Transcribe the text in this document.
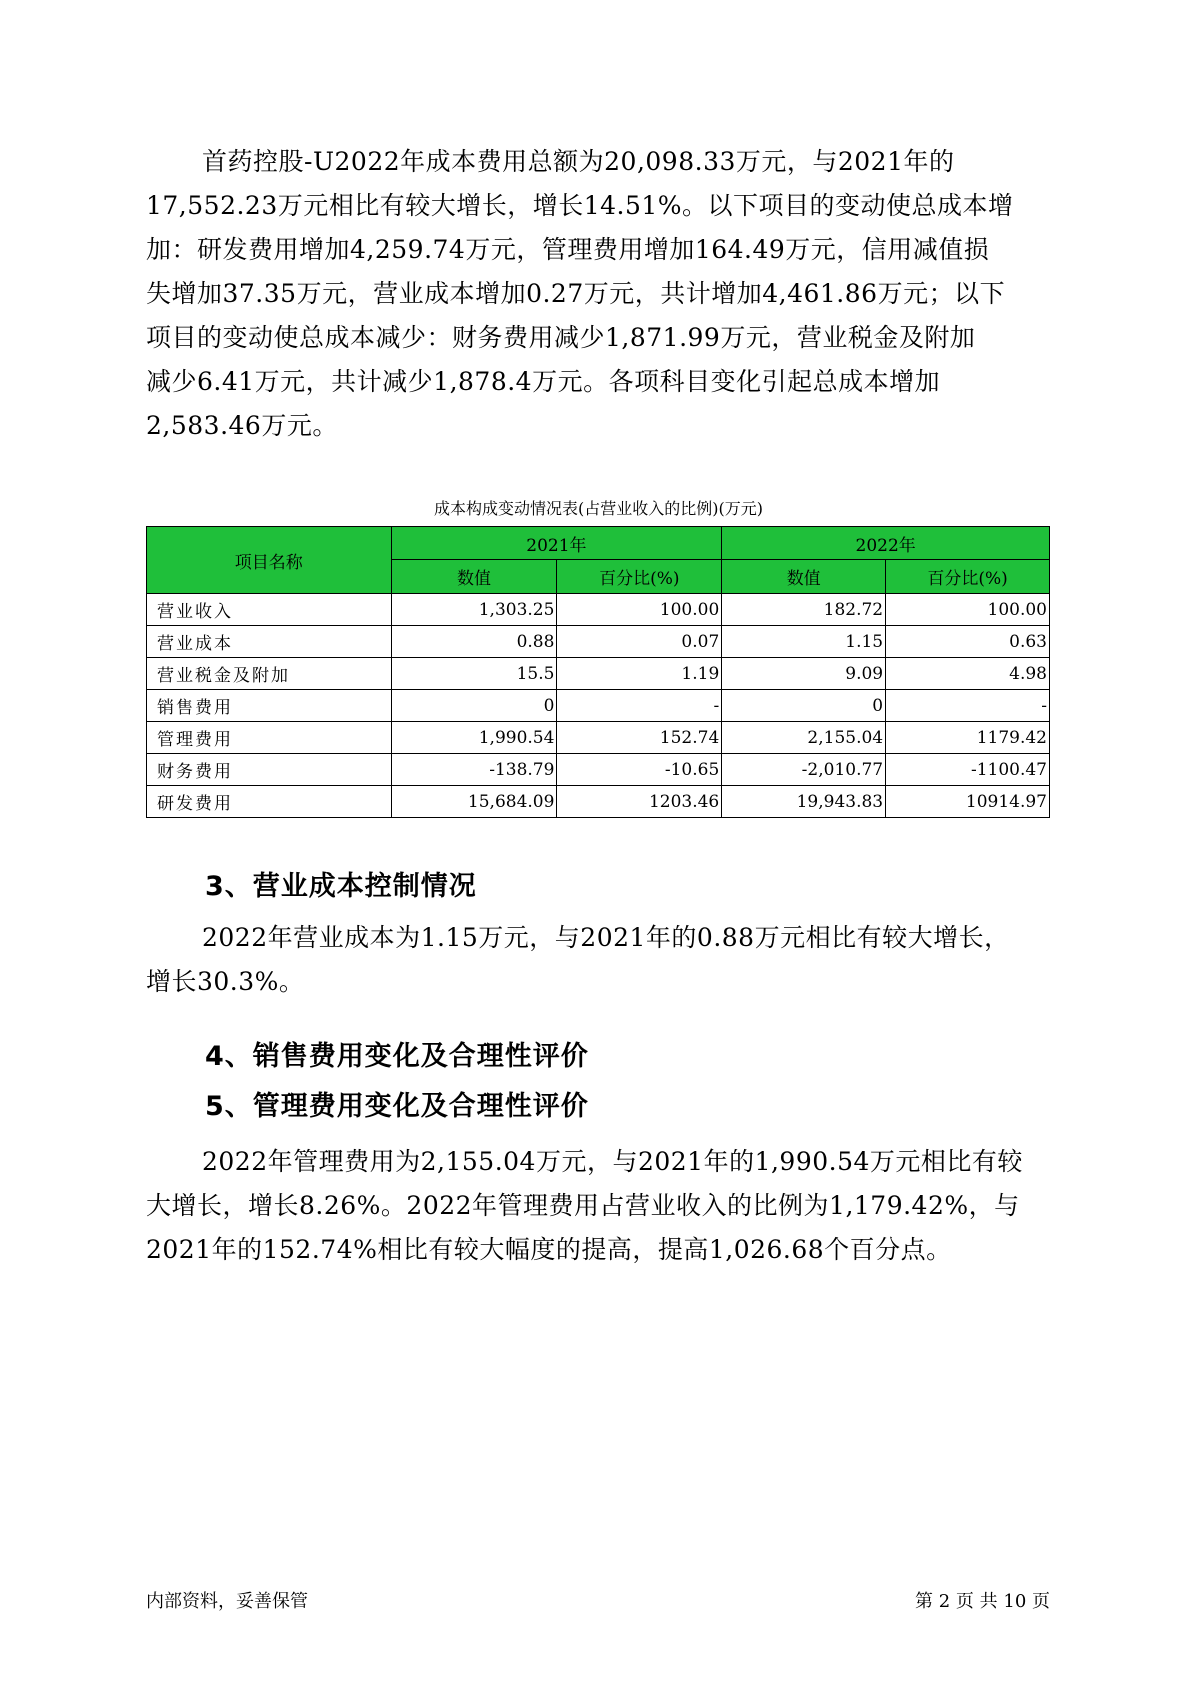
首药控股-U2022年成本费用总额为20,098.33万元，与2021年的
17,552.23万元相比有较大增长，增长14.51%。以下项目的变动使总成本增
加：研发费用增加4,259.74万元，管理费用增加164.49万元，信用减值损
失增加37.35万元，营业成本增加0.27万元，共计增加4,461.86万元；以下
项目的变动使总成本减少：财务费用减少1,871.99万元，营业税金及附加
减少6.41万元，共计减少1,878.4万元。各项科目变化引起总成本增加
2,583.46万元。
成本构成变动情况表(占营业收入的比例)(万元)
项目名称	2021年		2022年	
	数值	百分比(%)	数值	百分比(%)
营业收入	1,303.25	100.00	182.72	100.00
营业成本	0.88	0.07	1.15	0.63
营业税金及附加	15.5	1.19	9.09	4.98
销售费用	0	-	0	-
管理费用	1,990.54	152.74	2,155.04	1179.42
财务费用	-138.79	-10.65	-2,010.77	-1100.47
研发费用	15,684.09	1203.46	19,943.83	10914.97
3、营业成本控制情况
2022年营业成本为1.15万元，与2021年的0.88万元相比有较大增长，
增长30.3%。
4、销售费用变化及合理性评价
5、管理费用变化及合理性评价
2022年管理费用为2,155.04万元，与2021年的1,990.54万元相比有较
大增长，增长8.26%。2022年管理费用占营业收入的比例为1,179.42%，与
2021年的152.74%相比有较大幅度的提高，提高1,026.68个百分点。
内部资料，妥善保管	第 2 页 共 10 页
